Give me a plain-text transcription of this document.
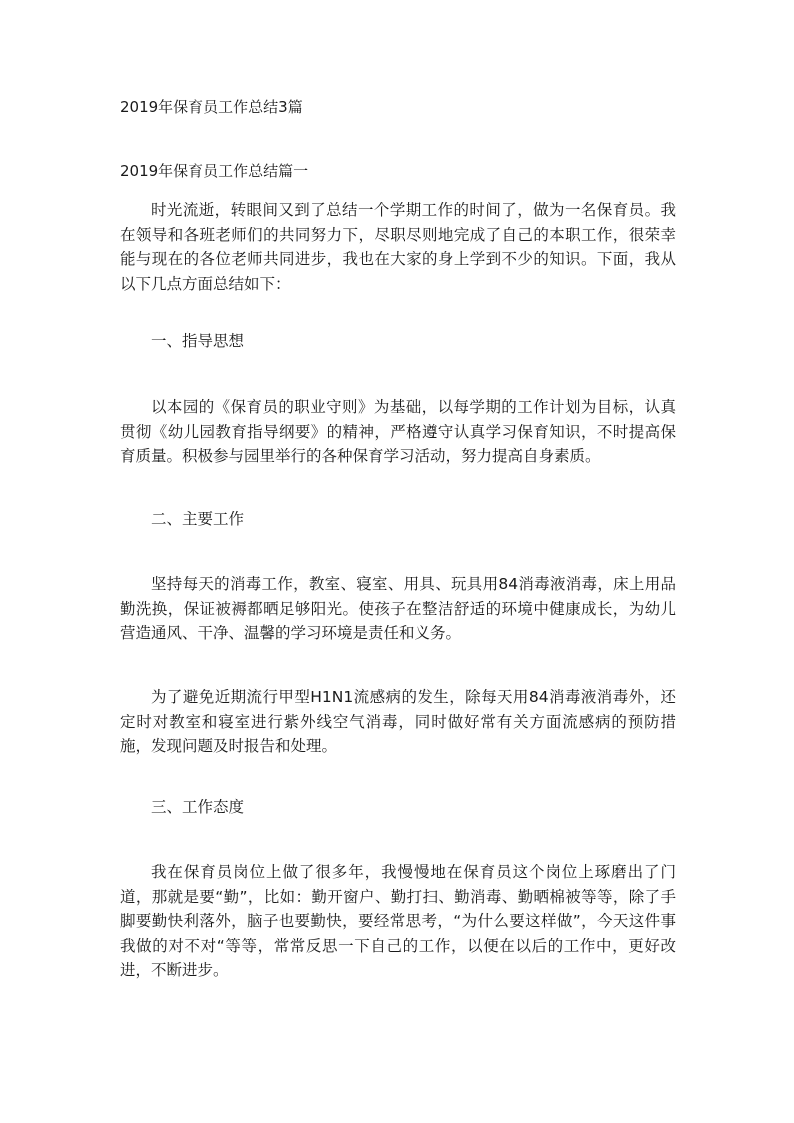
2019年保育员工作总结3篇
2019年保育员工作总结篇一

时光流逝，转眼间又到了总结一个学期工作的时间了，做为一名保育员。我在领导和各班老师们的共同努力下，尽职尽则地完成了自己的本职工作，很荣幸能与现在的各位老师共同进步，我也在大家的身上学到不少的知识。下面，我从以下几点方面总结如下：

一、指导思想

以本园的《保育员的职业守则》为基础，以每学期的工作计划为目标，认真贯彻《幼儿园教育指导纲要》的精神，严格遵守认真学习保育知识，不时提高保育质量。积极参与园里举行的各种保育学习活动，努力提高自身素质。

二、主要工作

坚持每天的消毒工作，教室、寝室、用具、玩具用84消毒液消毒，床上用品勤洗换，保证被褥都晒足够阳光。使孩子在整洁舒适的环境中健康成长，为幼儿营造通风、干净、温馨的学习环境是责任和义务。

为了避免近期流行甲型H1N1流感病的发生，除每天用84消毒液消毒外，还定时对教室和寝室进行紫外线空气消毒，同时做好常有关方面流感病的预防措施，发现问题及时报告和处理。

三、工作态度

我在保育员岗位上做了很多年，我慢慢地在保育员这个岗位上琢磨出了门道，那就是要“勤”，比如：勤开窗户、勤打扫、勤消毒、勤晒棉被等等，除了手脚要勤快利落外，脑子也要勤快，要经常思考，“为什么要这样做”，今天这件事我做的对不对“等等，常常反思一下自己的工作，以便在以后的工作中，更好改进，不断进步。
